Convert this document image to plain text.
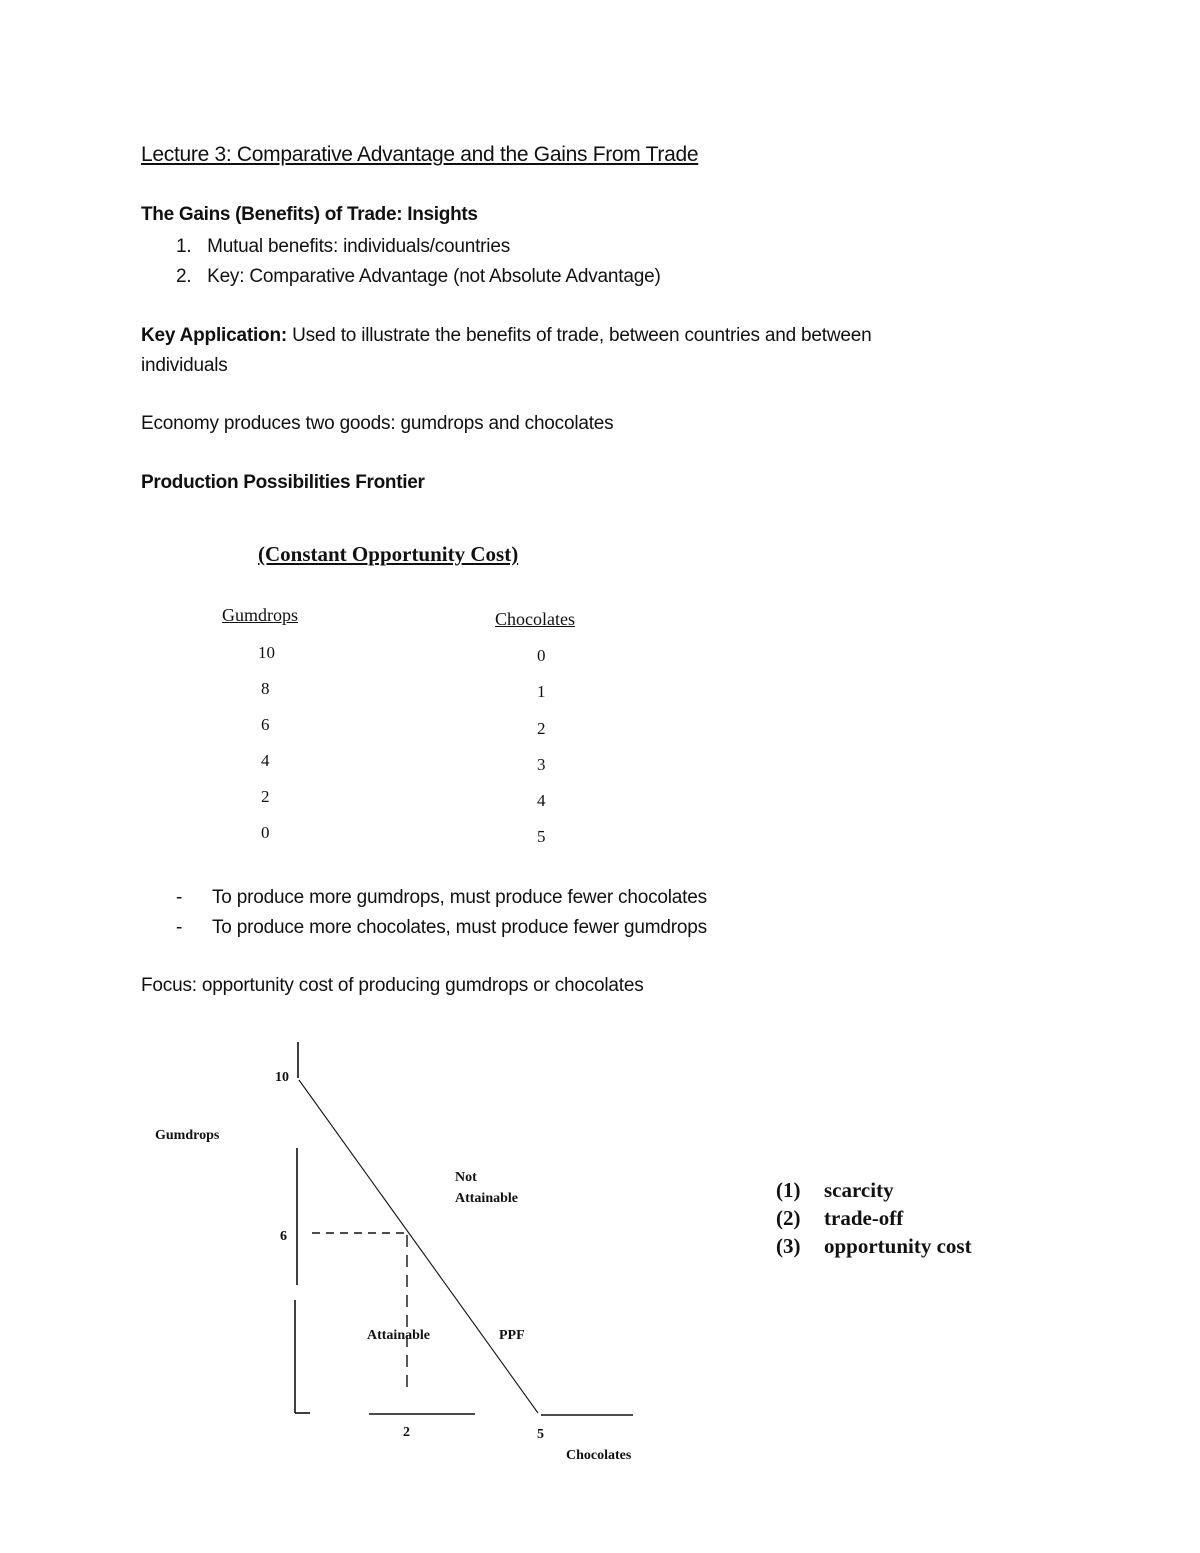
Lecture 3: Comparative Advantage and the Gains From Trade
The Gains (Benefits) of Trade: Insights
1. Mutual benefits: individuals/countries
2. Key: Comparative Advantage (not Absolute Advantage)
Key Application: Used to illustrate the benefits of trade, between countries and between
individuals
Economy produces two goods: gumdrops and chocolates
Production Possibilities Frontier
(Constant Opportunity Cost)
Gumdrops	Chocolates
10	0
8	1
6	2
4	3
2	4
0	5
- To produce more gumdrops, must produce fewer chocolates
- To produce more chocolates, must produce fewer gumdrops
Focus: opportunity cost of producing gumdrops or chocolates
10
6
Gumdrops
Not
Attainable
Attainable	PPF
2	5
Chocolates
(1) scarcity
(2) trade-off
(3) opportunity cost
